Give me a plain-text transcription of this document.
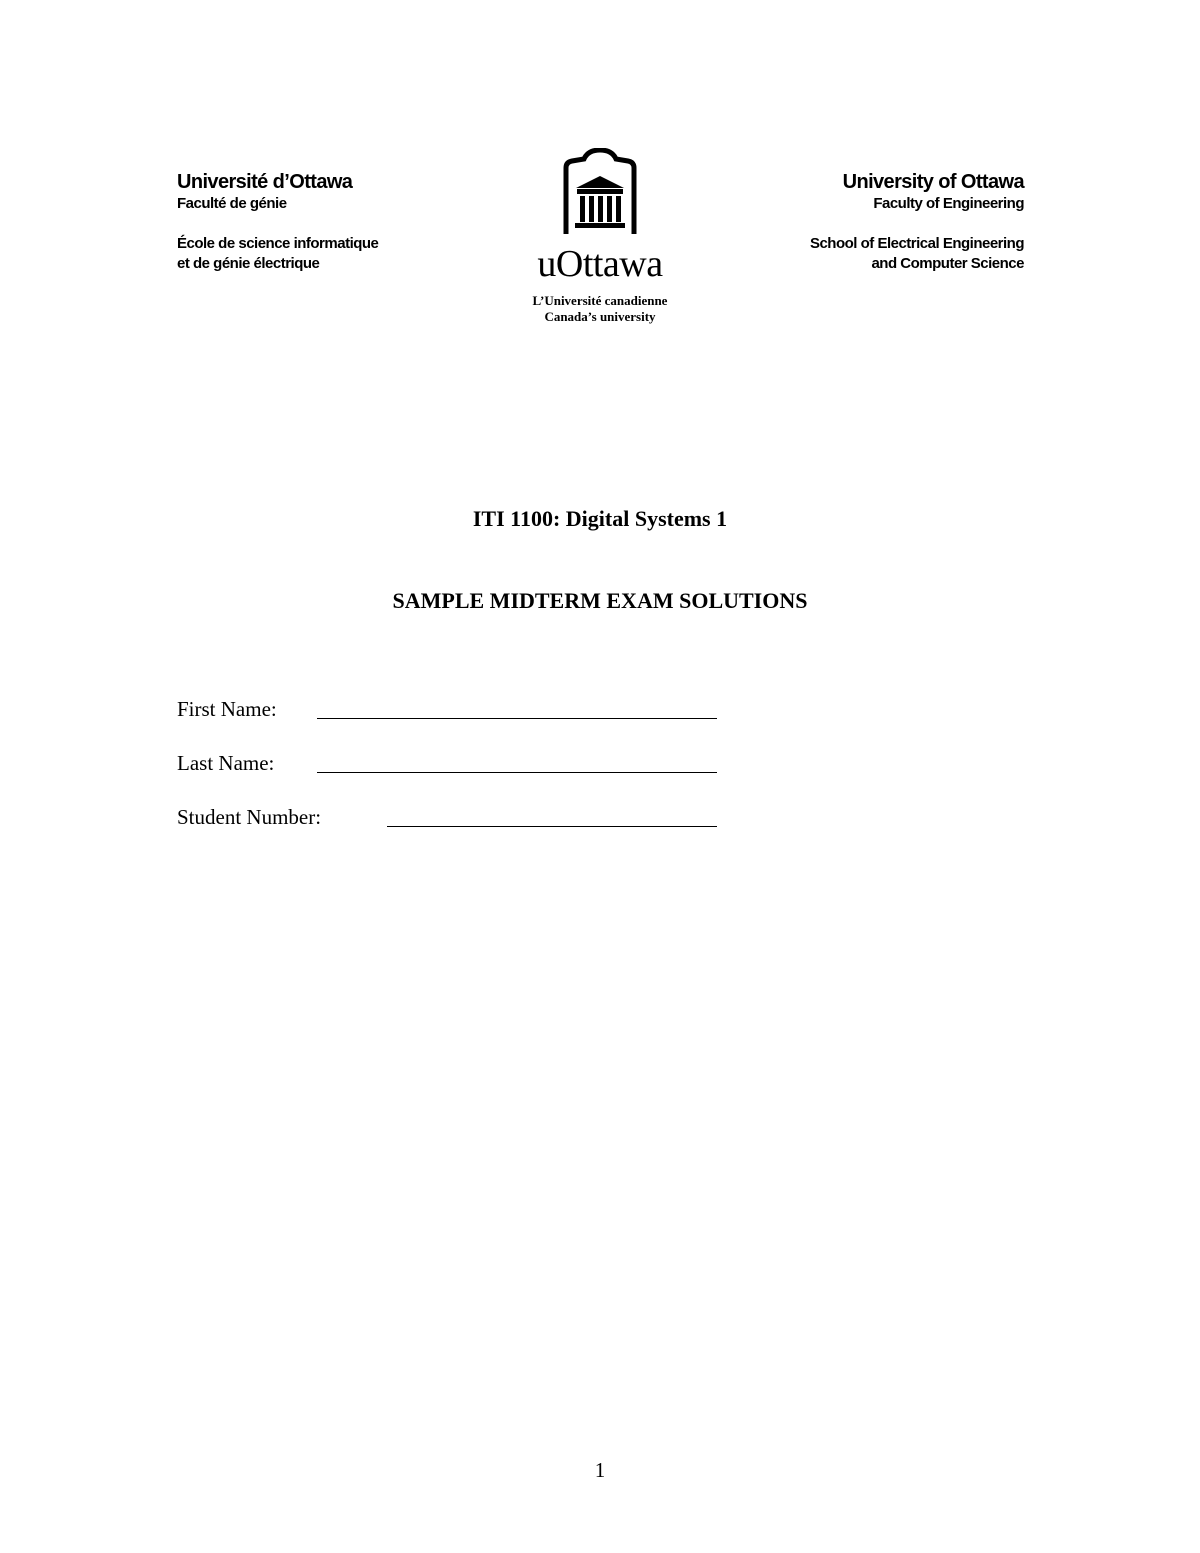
Université d’Ottawa
Faculté de génie
École de science informatique
et de génie électrique	uOttawa
L’Université canadienne
Canada’s university
University of Ottawa
Faculty of Engineering
School of Electrical Engineering
and Computer Science
ITI 1100: Digital Systems 1
SAMPLE MIDTERM EXAM SOLUTIONS
First Name:
Last Name:
Student Number:
1
